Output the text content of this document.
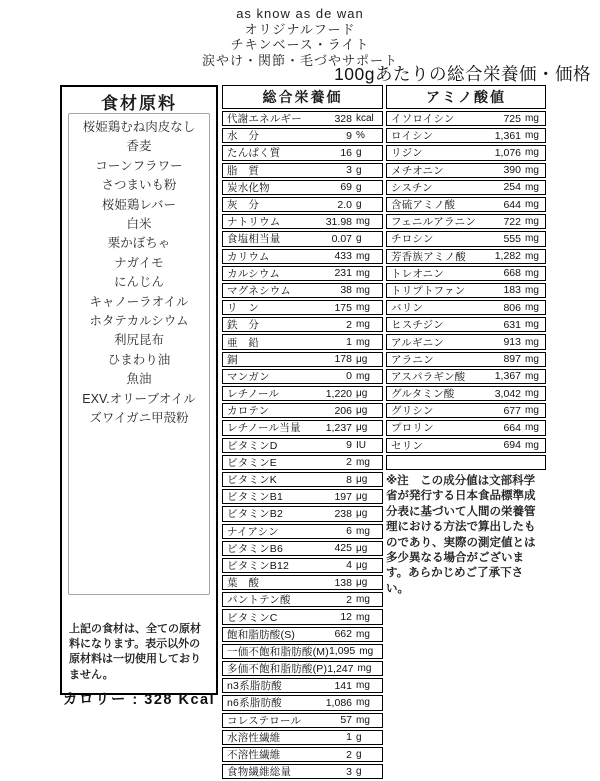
as know as de wan
オリジナルフード
チキンベース・ライト
涙やけ・関節・毛づやサポート
100gあたりの総合栄養価・価格
食材原料
桜姫鶏むね肉皮なし
香麦
コーンフラワー
さつまいも粉
桜姫鶏レバー
白米
栗かぼちゃ
ナガイモ
にんじん
キャノーラオイル
ホタテカルシウム
利尻昆布
ひまわり油
魚油
EXV.オリーブオイル
ズワイガニ甲殻粉
上記の食材は、全ての原材料になります。表示以外の原材料は一切使用しておりません。
カロリー : 328 Kcal
総合栄養価
代謝エネルギー	328 kcal
水　分	9 %
たんぱく質	16 g
脂　質	3 g
炭水化物	69 g
灰　分	2.0 g
ナトリウム	31.98 mg
食塩相当量	0.07 g
カリウム	433 mg
カルシウム	231 mg
マグネシウム	38 mg
リ　ン	175 mg
鉄　分	2 mg
亜　鉛	1 mg
銅	178 μg
マンガン	0 mg
レチノール	1,220 μg
カロテン	206 μg
レチノール当量	1,237 μg
ビタミンD	9 IU
ビタミンE	2 mg
ビタミンK	8 μg
ビタミンB1	197 μg
ビタミンB2	238 μg
ナイアシン	6 mg
ビタミンB6	425 μg
ビタミンB12	4 μg
葉　酸	138 μg
パントテン酸	2 mg
ビタミンC	12 mg
飽和脂肪酸(S)	662 mg
一価不飽和脂肪酸(M) 1,095 mg
多価不飽和脂肪酸(P) 1,247 mg
n3系脂肪酸	141 mg
n6系脂肪酸	1,086 mg
コレステロール	57 mg
水溶性繊維	1 g
不溶性繊維	2 g
食物繊維総量	3 g
アミノ酸値
イソロイシン	725 mg
ロイシン	1,361 mg
リジン	1,076 mg
メチオニン	390 mg
シスチン	254 mg
含硫アミノ酸	644 mg
フェニルアラニン	722 mg
チロシン	555 mg
芳香族アミノ酸	1,282 mg
トレオニン	668 mg
トリプトファン	183 mg
バリン	806 mg
ヒスチジン	631 mg
アルギニン	913 mg
アラニン	897 mg
アスパラギン酸	1,367 mg
グルタミン酸	3,042 mg
グリシン	677 mg
プロリン	664 mg
セリン	694 mg
※注　この成分値は文部科学省が発行する日本食品標準成分表に基づいて人間の栄養管理における方法で算出したものであり、実際の測定値とは多少異なる場合がございます。あらかじめご了承下さい。
